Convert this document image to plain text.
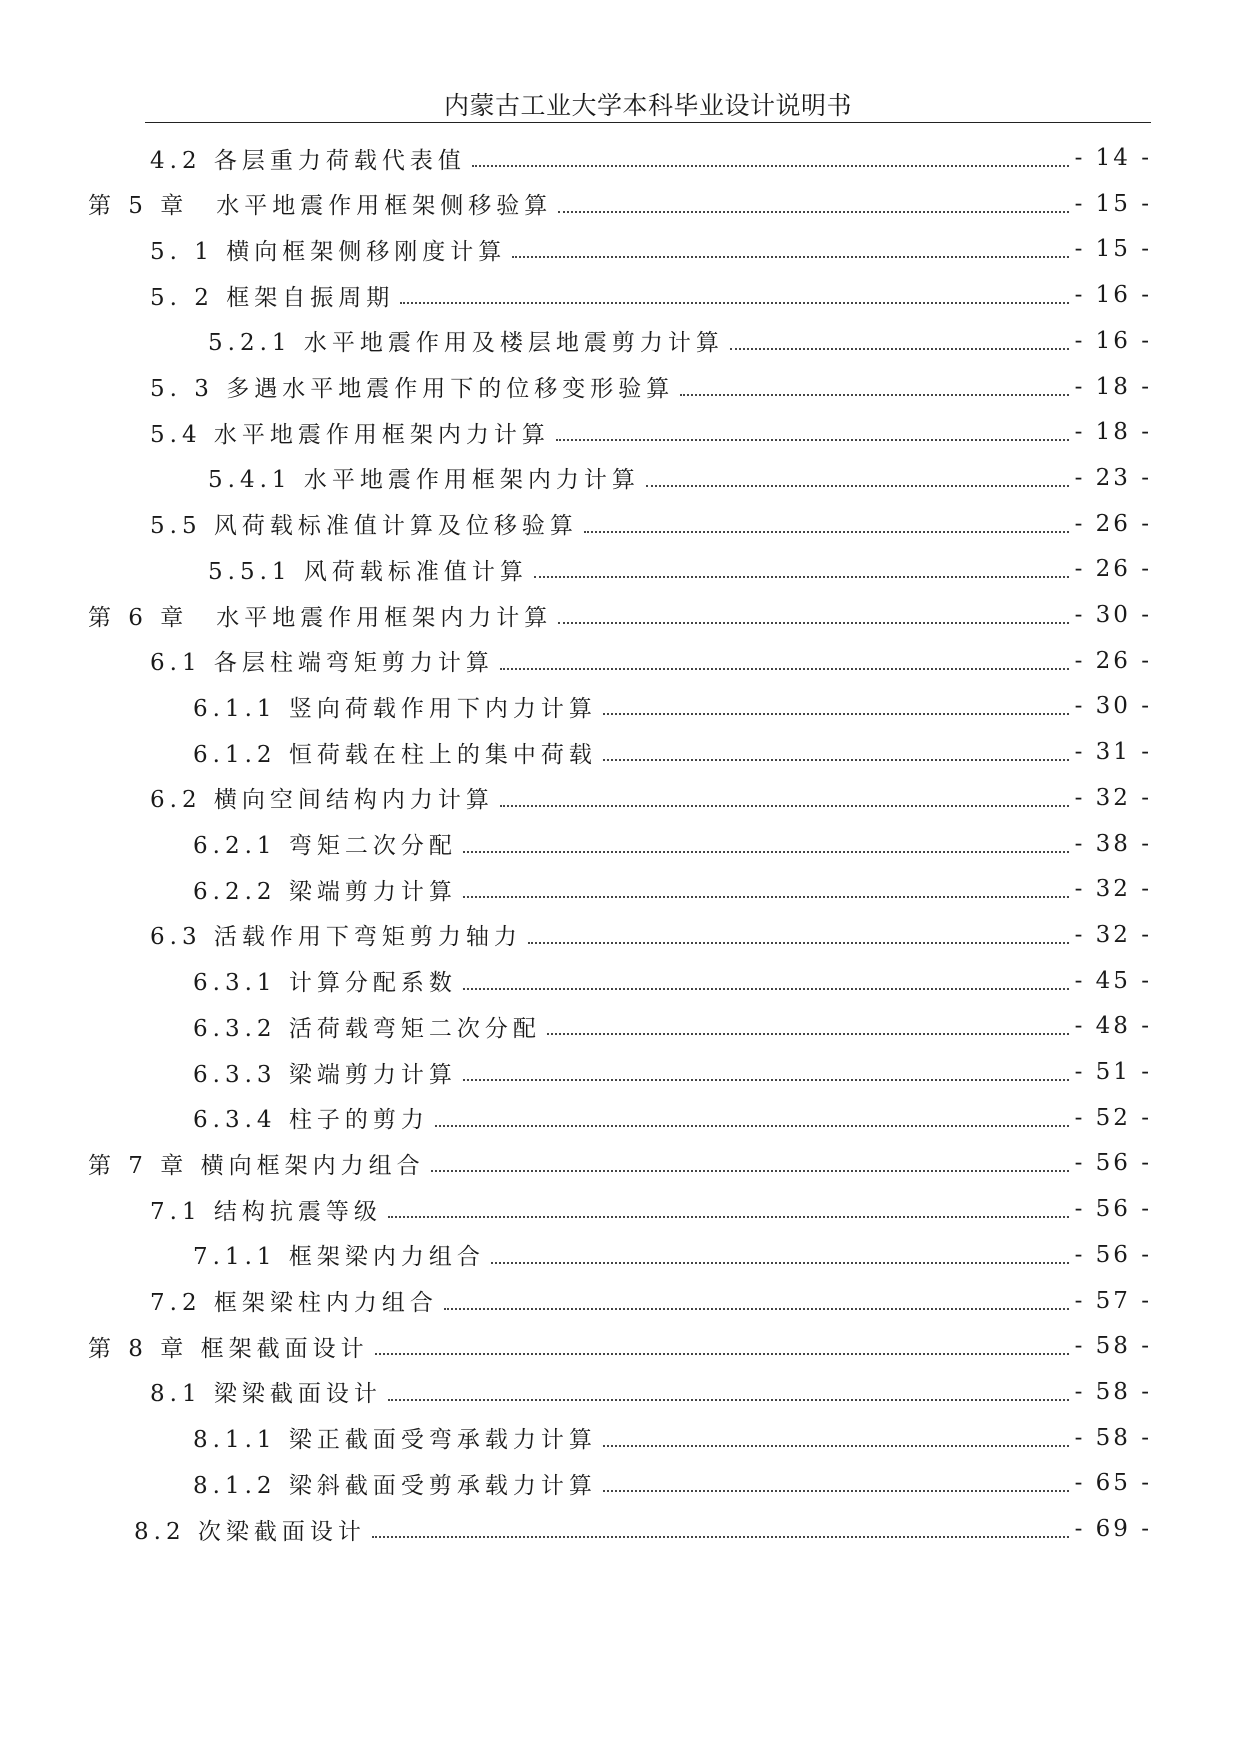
内蒙古工业大学本科毕业设计说明书
4.2 各层重力荷载代表值	- 14 -
第 5 章　水平地震作用框架侧移验算	- 15 -
5. 1 横向框架侧移刚度计算	- 15 -
5. 2 框架自振周期	- 16 -
5.2.1 水平地震作用及楼层地震剪力计算	- 16 -
5. 3 多遇水平地震作用下的位移变形验算	- 18 -
5.4 水平地震作用框架内力计算	- 18 -
5.4.1 水平地震作用框架内力计算	- 23 -
5.5 风荷载标准值计算及位移验算	- 26 -
5.5.1 风荷载标准值计算	- 26 -
第 6 章　水平地震作用框架内力计算	- 30 -
6.1 各层柱端弯矩剪力计算	- 26 -
6.1.1 竖向荷载作用下内力计算	- 30 -
6.1.2 恒荷载在柱上的集中荷载	- 31 -
6.2 横向空间结构内力计算	- 32 -
6.2.1 弯矩二次分配	- 38 -
6.2.2 梁端剪力计算	- 32 -
6.3 活载作用下弯矩剪力轴力	- 32 -
6.3.1 计算分配系数	- 45 -
6.3.2 活荷载弯矩二次分配	- 48 -
6.3.3 梁端剪力计算	- 51 -
6.3.4 柱子的剪力	- 52 -
第 7 章 横向框架内力组合	- 56 -
7.1 结构抗震等级	- 56 -
7.1.1 框架梁内力组合	- 56 -
7.2 框架梁柱内力组合	- 57 -
第 8 章 框架截面设计	- 58 -
8.1 梁梁截面设计	- 58 -
8.1.1 梁正截面受弯承载力计算	- 58 -
8.1.2 梁斜截面受剪承载力计算	- 65 -
8.2 次梁截面设计	- 69 -
